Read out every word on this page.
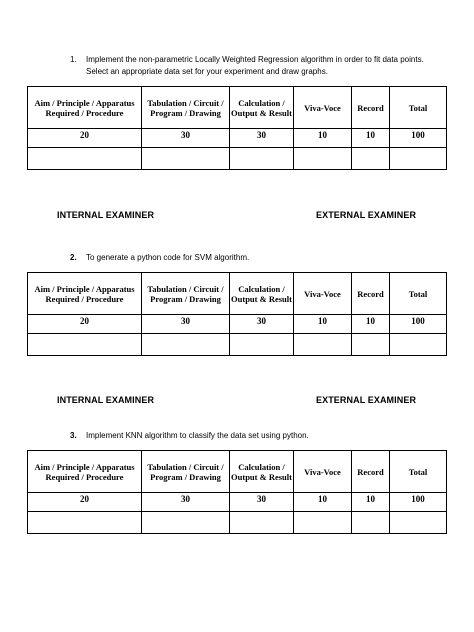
1. Implement the non-parametric Locally Weighted Regression algorithm in order to fit data points. Select an appropriate data set for your experiment and draw graphs.
Aim / Principle / Apparatus Required / Procedure	Tabulation / Circuit / Program / Drawing	Calculation / Output & Result	Viva-Voce	Record	Total
20	30	30	10	10	100

INTERNAL EXAMINER	EXTERNAL EXAMINER
2. To generate a python code for SVM algorithm.
Aim / Principle / Apparatus Required / Procedure	Tabulation / Circuit / Program / Drawing	Calculation / Output & Result	Viva-Voce	Record	Total
20	30	30	10	10	100

INTERNAL EXAMINER	EXTERNAL EXAMINER
3. Implement KNN algorithm to classify the data set using python.
Aim / Principle / Apparatus Required / Procedure	Tabulation / Circuit / Program / Drawing	Calculation / Output & Result	Viva-Voce	Record	Total
20	30	30	10	10	100
